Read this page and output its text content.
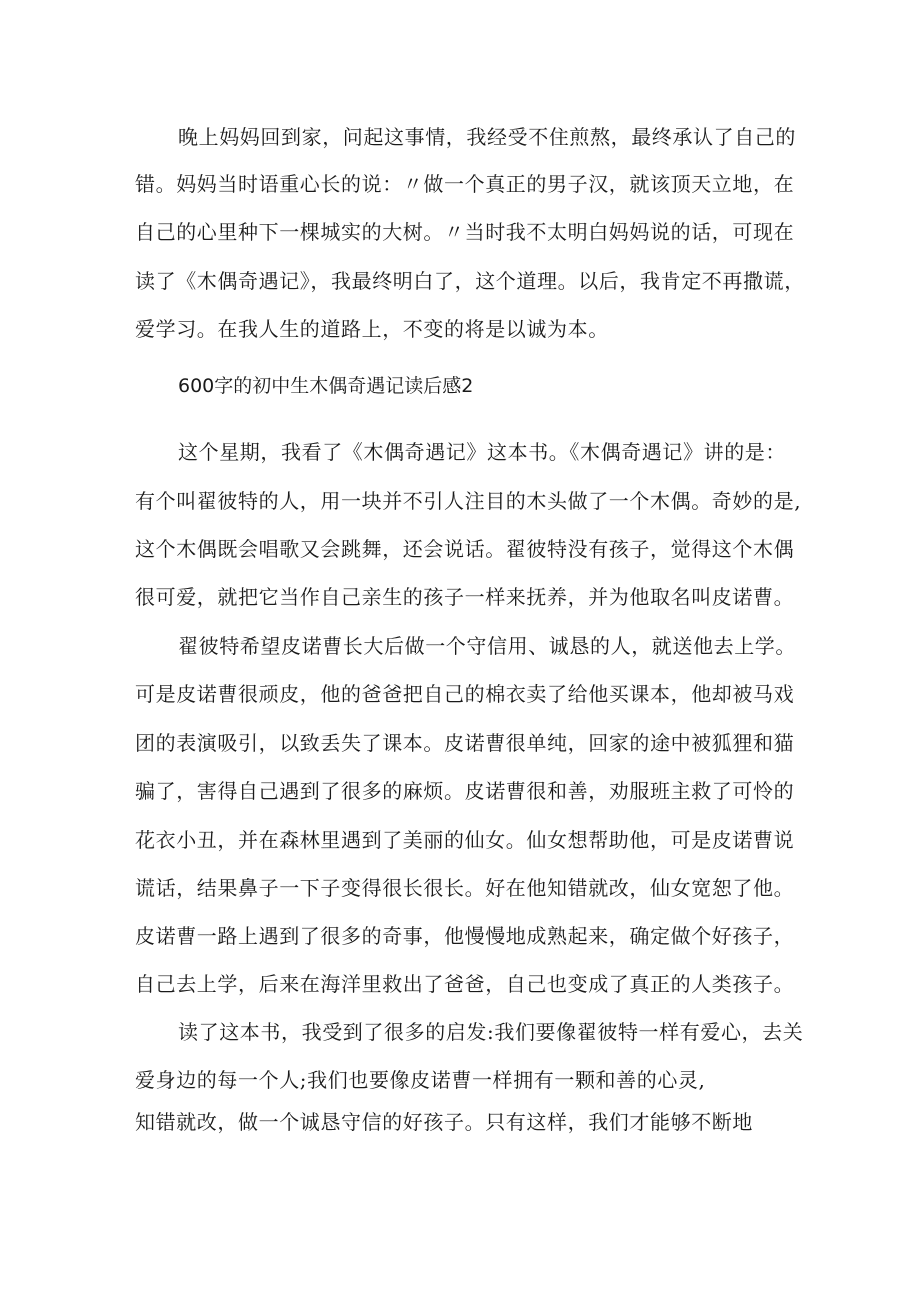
晚上妈妈回到家，问起这事情，我经受不住煎熬，最终承认了自己的
错。妈妈当时语重心长的说：〃做一个真正的男子汉，就该顶天立地，在
自己的心里种下一棵城实的大树。〃当时我不太明白妈妈说的话，可现在
读了《木偶奇遇记》，我最终明白了，这个道理。以后，我肯定不再撒谎，
爱学习。在我人生的道路上，不变的将是以诚为本。
600字的初中生木偶奇遇记读后感2
这个星期，我看了《木偶奇遇记》这本书。《木偶奇遇记》讲的是：
有个叫翟彼特的人，用一块并不引人注目的木头做了一个木偶。奇妙的是,
这个木偶既会唱歌又会跳舞，还会说话。翟彼特没有孩子，觉得这个木偶
很可爱，就把它当作自己亲生的孩子一样来抚养，并为他取名叫皮诺曹。
翟彼特希望皮诺曹长大后做一个守信用、诚恳的人，就送他去上学。
可是皮诺曹很顽皮，他的爸爸把自己的棉衣卖了给他买课本，他却被马戏
团的表演吸引，以致丢失了课本。皮诺曹很单纯，回家的途中被狐狸和猫
骗了，害得自己遇到了很多的麻烦。皮诺曹很和善，劝服班主救了可怜的
花衣小丑，并在森林里遇到了美丽的仙女。仙女想帮助他，可是皮诺曹说
谎话，结果鼻子一下子变得很长很长。好在他知错就改，仙女宽恕了他。
皮诺曹一路上遇到了很多的奇事，他慢慢地成熟起来，确定做个好孩子，
自己去上学，后来在海洋里救出了爸爸，自己也变成了真正的人类孩子。
读了这本书，我受到了很多的启发:我们要像翟彼特一样有爱心，去关
爱身边的每一个人;我们也要像皮诺曹一样拥有一颗和善的心灵,
知错就改，做一个诚恳守信的好孩子。只有这样，我们才能够不断地
